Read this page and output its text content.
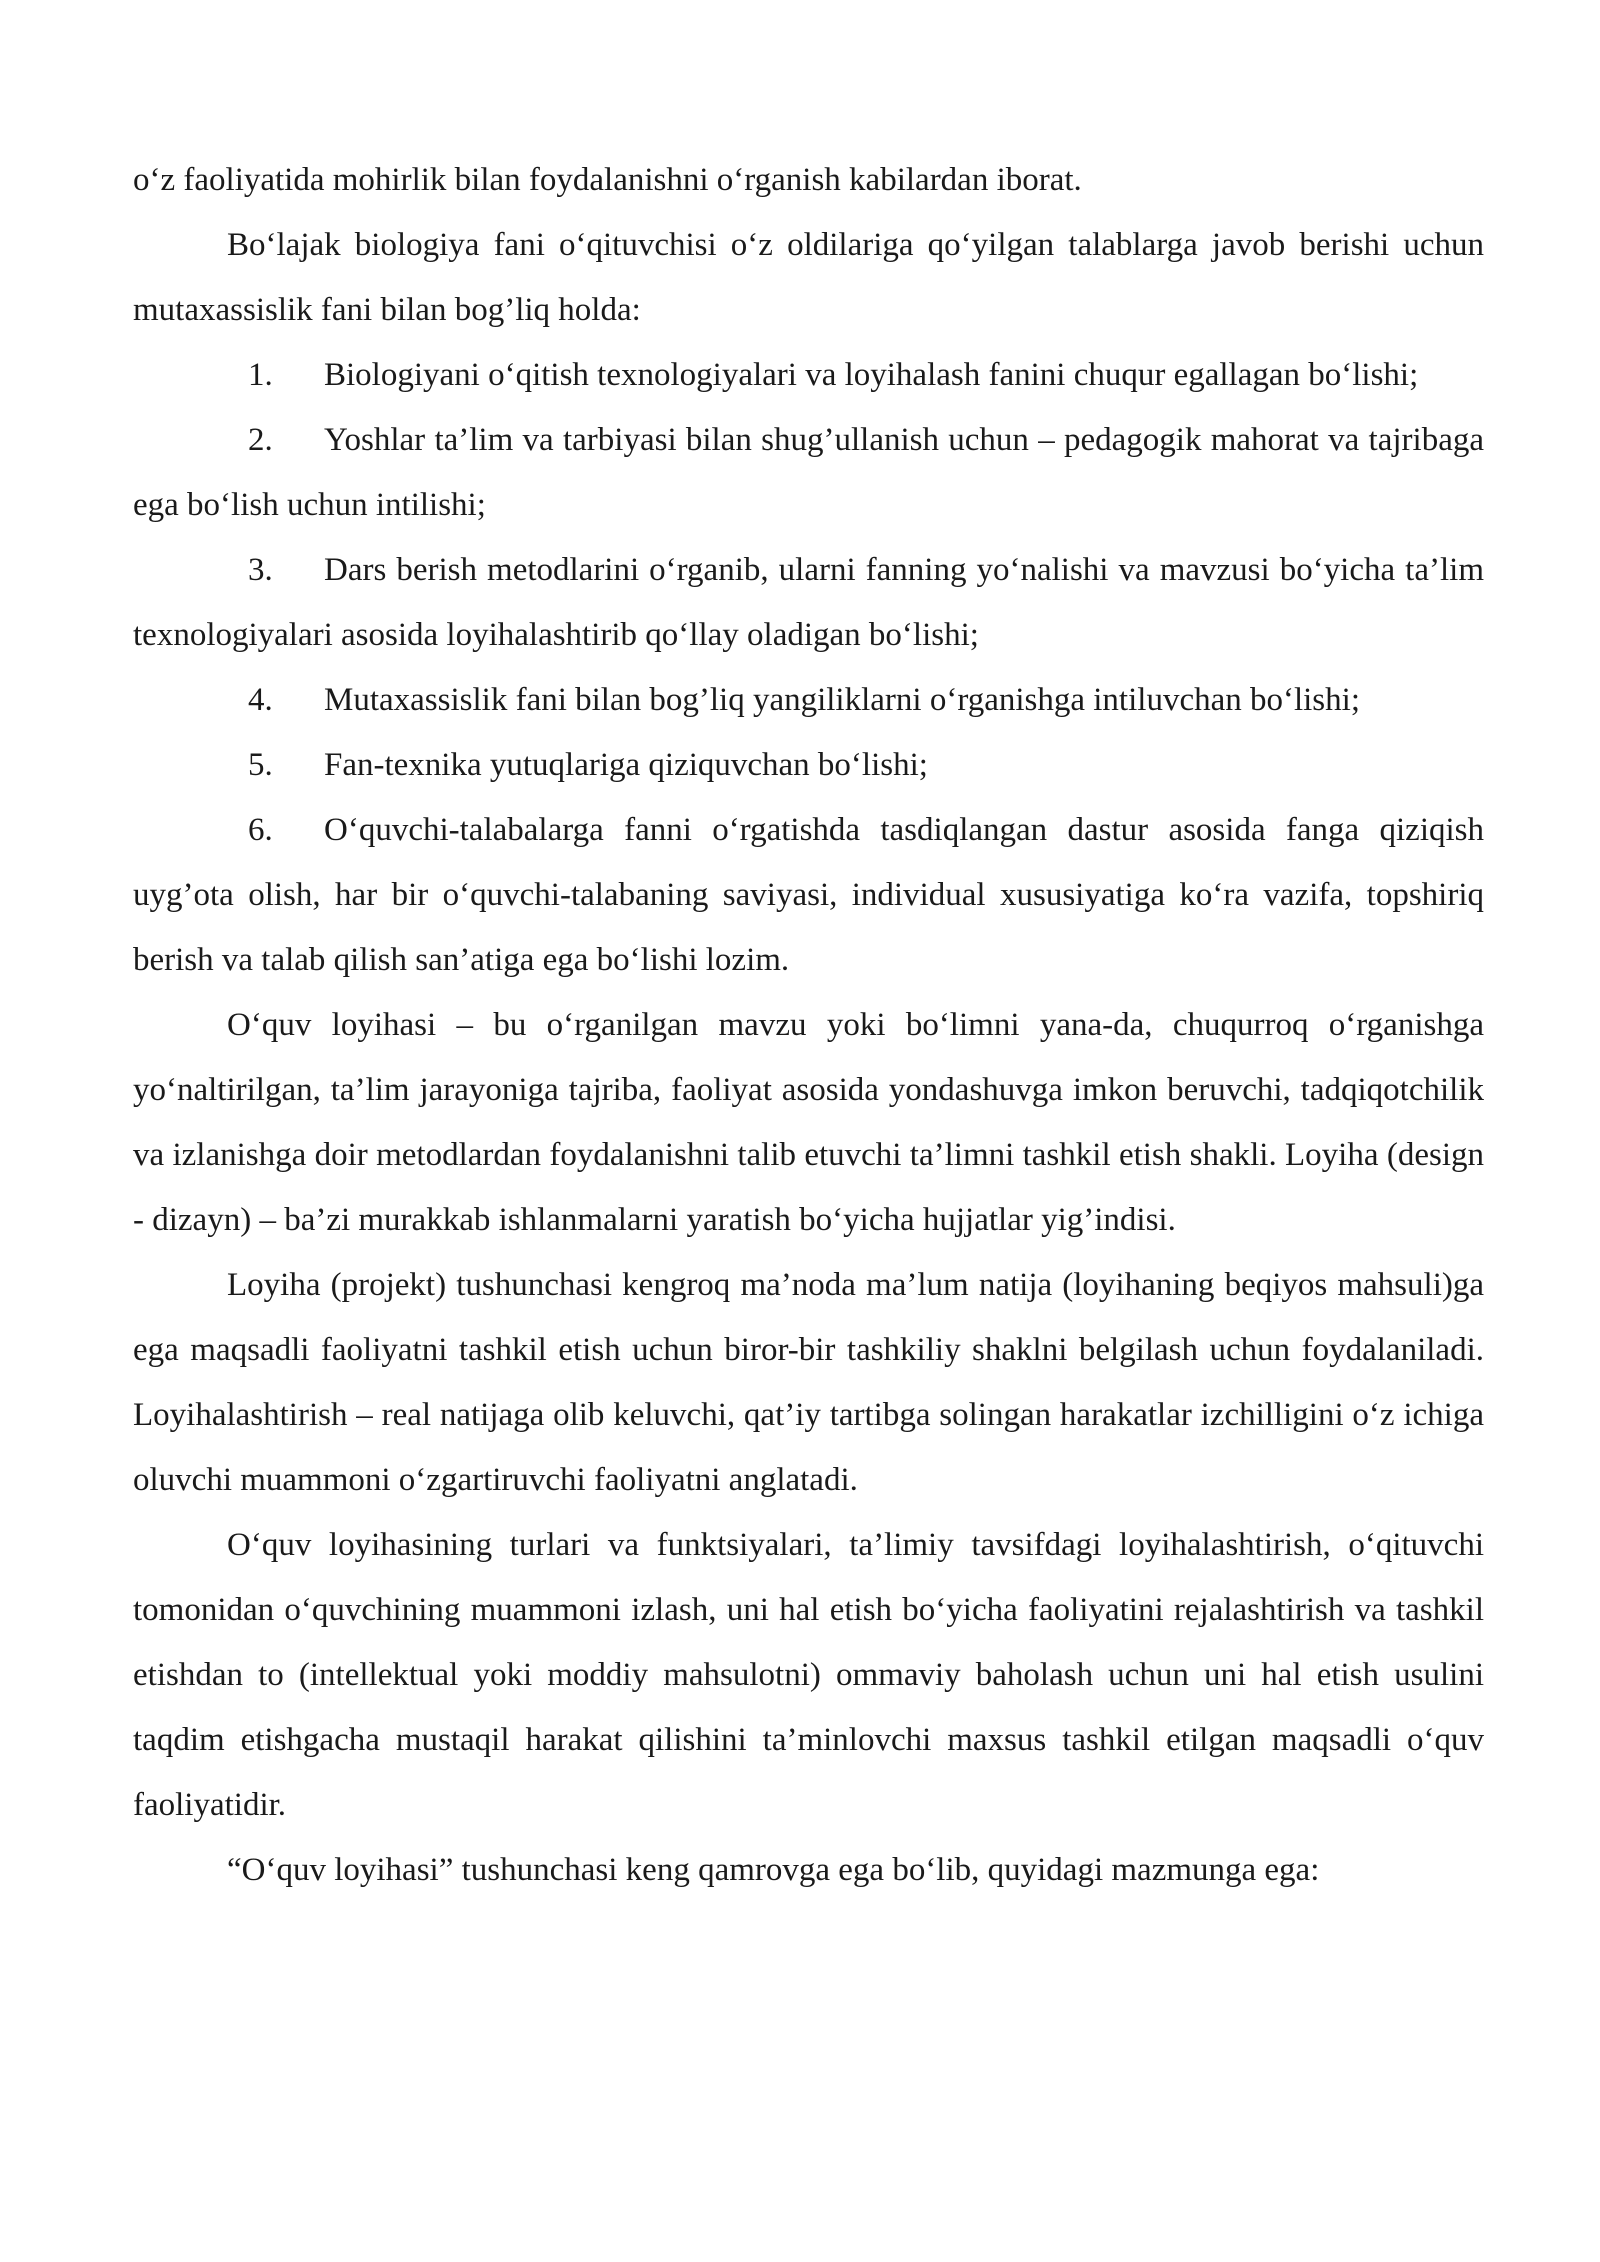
o‘z faoliyatida mohirlik bilan foydalanishni o‘rganish kabilardan iborat.

Bo‘lajak biologiya fani o‘qituvchisi o‘z oldilariga qo‘yilgan talablarga javob berishi uchun mutaxassislik fani bilan bog’liq holda:

1. Biologiyani o‘qitish texnologiyalari va loyihalash fanini chuqur egallagan bo‘lishi;

2. Yoshlar ta’lim va tarbiyasi bilan shug’ullanish uchun – pedagogik mahorat va tajribaga ega bo‘lish uchun intilishi;

3. Dars berish metodlarini o‘rganib, ularni fanning yo‘nalishi va mavzusi bo‘yicha ta’lim texnologiyalari asosida loyihalashtirib qo‘llay oladigan bo‘lishi;

4. Mutaxassislik fani bilan bog’liq yangiliklarni o‘rganishga intiluvchan bo‘lishi;

5. Fan-texnika yutuqlariga qiziquvchan bo‘lishi;

6. O‘quvchi-talabalarga fanni o‘rgatishda tasdiqlangan dastur asosida fanga qiziqish uyg’ota olish, har bir o‘quvchi-talabaning saviyasi, individual xususiyatiga ko‘ra vazifa, topshiriq berish va talab qilish san’atiga ega bo‘lishi lozim.

O‘quv loyihasi – bu o‘rganilgan mavzu yoki bo‘limni yana-da, chuqurroq o‘rganishga yo‘naltirilgan, ta’lim jarayoniga tajriba, faoliyat asosida yondashuvga imkon beruvchi, tadqiqotchilik va izlanishga doir metodlardan foydalanishni talib etuvchi ta’limni tashkil etish shakli. Loyiha (design - dizayn) – ba’zi murakkab ishlanmalarni yaratish bo‘yicha hujjatlar yig’indisi.

Loyiha (projekt) tushunchasi kengroq ma’noda ma’lum natija (loyihaning beqiyos mahsuli)ga ega maqsadli faoliyatni tashkil etish uchun biror-bir tashkiliy shaklni belgilash uchun foydalaniladi. Loyihalashtirish – real natijaga olib keluvchi, qat’iy tartibga solingan harakatlar izchilligini o‘z ichiga oluvchi muammoni o‘zgartiruvchi faoliyatni anglatadi.

O‘quv loyihasining turlari va funktsiyalari, ta’limiy tavsifdagi loyihalashtirish, o‘qituvchi tomonidan o‘quvchining muammoni izlash, uni hal etish bo‘yicha faoliyatini rejalashtirish va tashkil etishdan to (intellektual yoki moddiy mahsulotni) ommaviy baholash uchun uni hal etish usulini taqdim etishgacha mustaqil harakat qilishini ta’minlovchi maxsus tashkil etilgan maqsadli o‘quv faoliyatidir.

“O‘quv loyihasi” tushunchasi keng qamrovga ega bo‘lib, quyidagi mazmunga ega:
